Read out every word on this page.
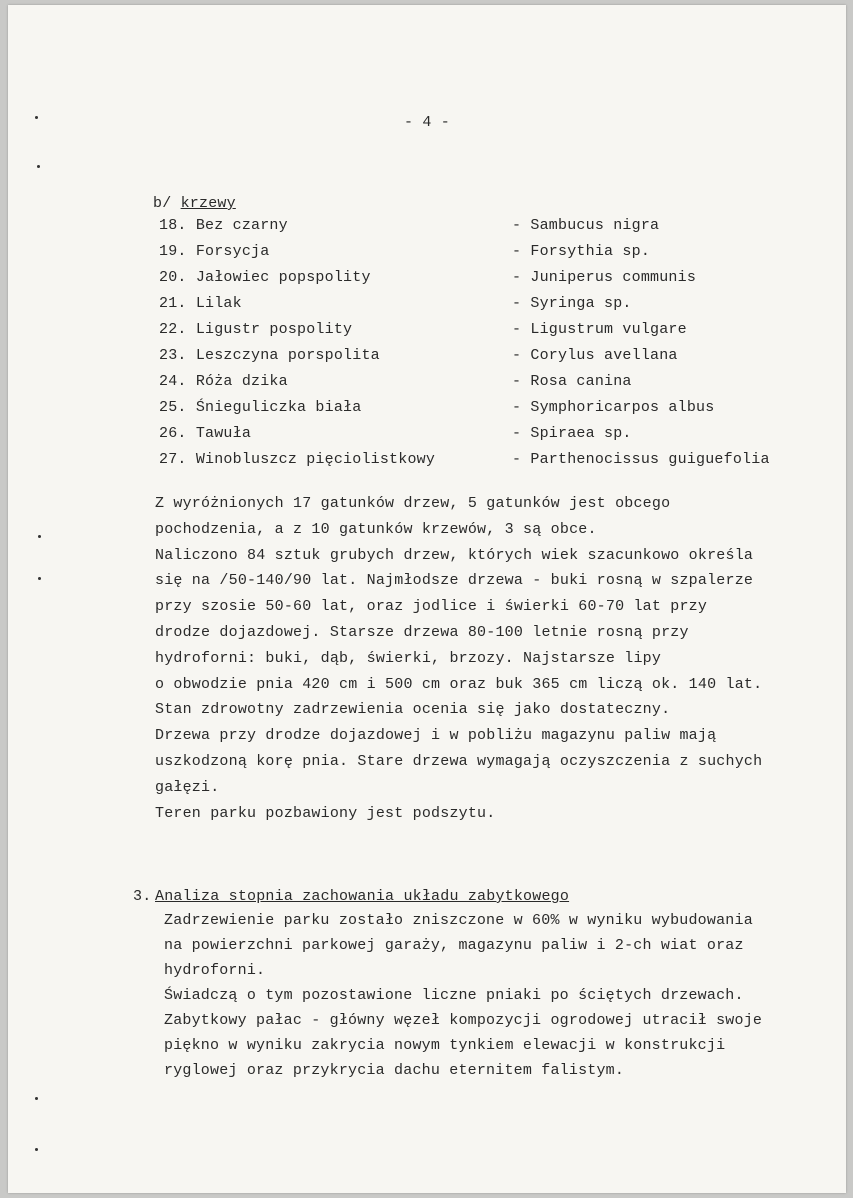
- 4 -
b/ krzewy
18. Bez czarny	- Sambucus nigra
19. Forsycja	- Forsythia sp.
20. Jałowiec popspolity	- Juniperus communis
21. Lilak	- Syringa sp.
22. Ligustr pospolity	- Ligustrum vulgare
23. Leszczyna porspolita	- Corylus avellana
24. Róża dzika	- Rosa canina
25. Śnieguliczka biała	- Symphoricarpos albus
26. Tawuła	- Spiraea sp.
27. Winobluszcz pięciolistkowy	- Parthenocissus guiguefolia
Z wyróżnionych 17 gatunków drzew, 5 gatunków jest obcego
pochodzenia, a z 10 gatunków krzewów, 3 są obce.
Naliczono 84 sztuk grubych drzew, których wiek szacunkowo określa
się na /50-140/90 lat. Najmłodsze drzewa - buki rosną w szpalerze
przy szosie 50-60 lat, oraz jodlice i świerki 60-70 lat przy
drodze dojazdowej. Starsze drzewa 80-100 letnie rosną przy
hydroforni: buki, dąb, świerki, brzozy. Najstarsze lipy
o obwodzie pnia 420 cm i 500 cm oraz buk 365 cm liczą ok. 140 lat.
Stan zdrowotny zadrzewienia ocenia się jako dostateczny.
Drzewa przy drodze dojazdowej i w pobliżu magazynu paliw mają
uszkodzoną korę pnia. Stare drzewa wymagają oczyszczenia z suchych
gałęzi.
Teren parku pozbawiony jest podszytu.
3. Analiza stopnia zachowania układu zabytkowego
Zadrzewienie parku zostało zniszczone w 60% w wyniku wybudowania
na powierzchni parkowej garaży, magazynu paliw i 2-ch wiat oraz
hydroforni.
Świadczą o tym pozostawione liczne pniaki po ściętych drzewach.
Zabytkowy pałac - główny węzeł kompozycji ogrodowej utracił swoje
piękno w wyniku zakrycia nowym tynkiem elewacji w konstrukcji
ryglowej oraz przykrycia dachu eternitem falistym.
